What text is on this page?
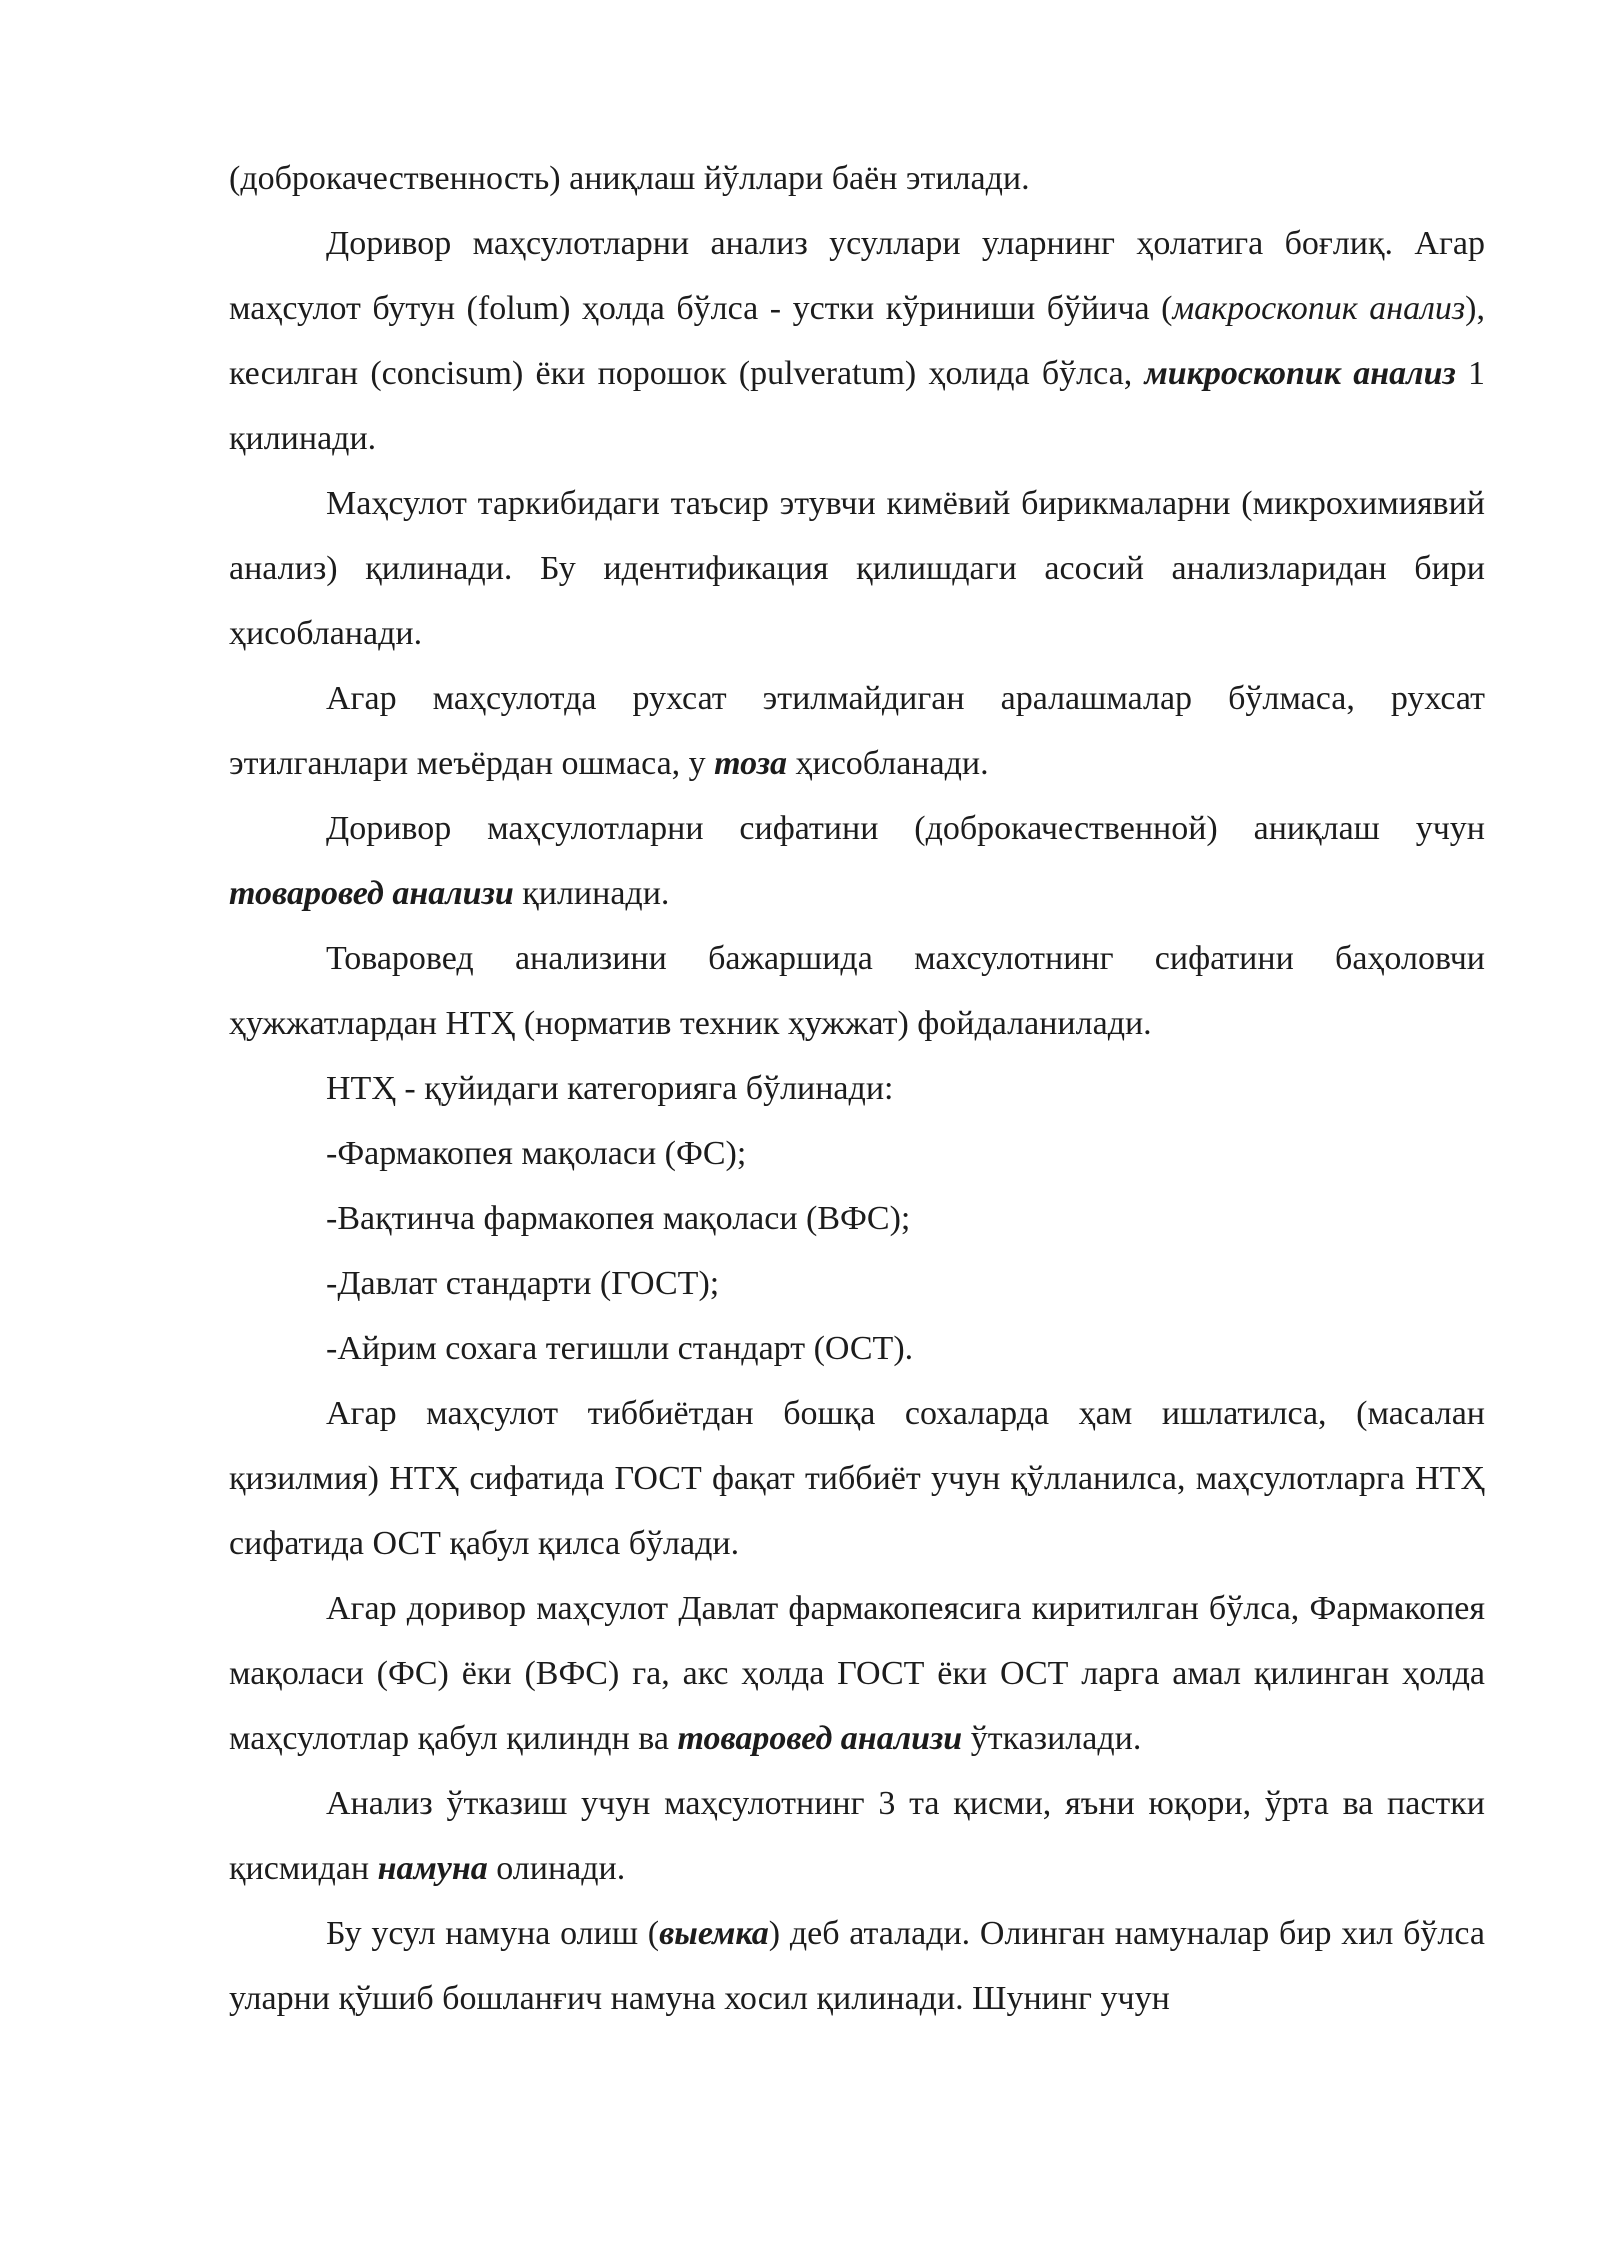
(доброкачественность) аниқлаш йўллари баён этилади.

Доривор маҳсулотларни анализ усуллари уларнинг ҳолатига боғлиқ. Агар маҳсулот бутун (folum) ҳолда бўлса - устки кўриниши бўйича (макроскопик анализ), кесилган (concisum) ёки порошок (pulveratum) ҳолида бўлса, микроскопик анализ 1 қилинади.

Маҳсулот таркибидаги таъсир этувчи кимёвий бирикмаларни (микрохимиявий анализ) қилинади. Бу идентификация қилишдаги асосий анализларидан бири ҳисобланади.

Агар маҳсулотда рухсат этилмайдиган аралашмалар бўлмаса, рухсат этилганлари меъёрдан ошмаса, у тоза ҳисобланади.

Доривор маҳсулотларни сифатини (доброкачественной) аниқлаш учун товаровед анализи қилинади.

Товаровед анализини бажаршида махсулотнинг сифатини баҳоловчи ҳужжатлардан НТҲ (норматив техник ҳужжат) фойдаланилади.

НТҲ - қуйидаги категорияга бўлинади:

-Фармакопея мақоласи (ФС);

-Вақтинча фармакопея мақоласи (ВФС);

-Давлат стандарти (ГОСТ);

-Айрим сохага тегишли стандарт (ОСТ).

Агар маҳсулот тиббиётдан бошқа сохаларда ҳам ишлатилса, (масалан қизилмия) НТҲ сифатида ГОСТ фақат тиббиёт учун қўлланилса, маҳсулотларга НТҲ сифатида ОСТ қабул қилса бўлади.

Агар доривор маҳсулот Давлат фармакопеясига киритилган бўлса, Фармакопея мақоласи (ФС) ёки (ВФС) га, акс ҳолда ГОСТ ёки ОСТ ларга амал қилинган ҳолда маҳсулотлар қабул қилиндн ва товаровед анализи ўтказилади.

Анализ ўтказиш учун маҳсулотнинг 3 та қисми, яъни юқори, ўрта ва пастки қисмидан намуна олинади.

Бу усул намуна олиш (выемка) деб аталади. Олинган намуналар бир хил бўлса уларни қўшиб бошланғич намуна хосил қилинади. Шунинг учун
